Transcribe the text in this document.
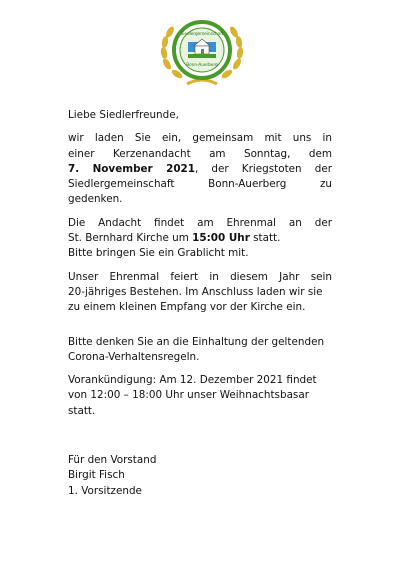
Siedlergemeinschaft
Bonn-Auerberg

Liebe Siedlerfreunde,

wir laden Sie ein, gemeinsam mit uns in
einer Kerzenandacht am Sonntag, dem
7. November 2021, der Kriegstoten der
Siedlergemeinschaft Bonn-Auerberg zu
gedenken.

Die Andacht findet am Ehrenmal an der
St. Bernhard Kirche um 15:00 Uhr statt.
Bitte bringen Sie ein Grablicht mit.

Unser Ehrenmal feiert in diesem Jahr sein
20-jähriges Bestehen. Im Anschluss laden wir sie
zu einem kleinen Empfang vor der Kirche ein.

Bitte denken Sie an die Einhaltung der geltenden
Corona-Verhaltensregeln.

Vorankündigung: Am 12. Dezember 2021 findet
von 12:00 – 18:00 Uhr unser Weihnachtsbasar
statt.

Für den Vorstand
Birgit Fisch
1. Vorsitzende
